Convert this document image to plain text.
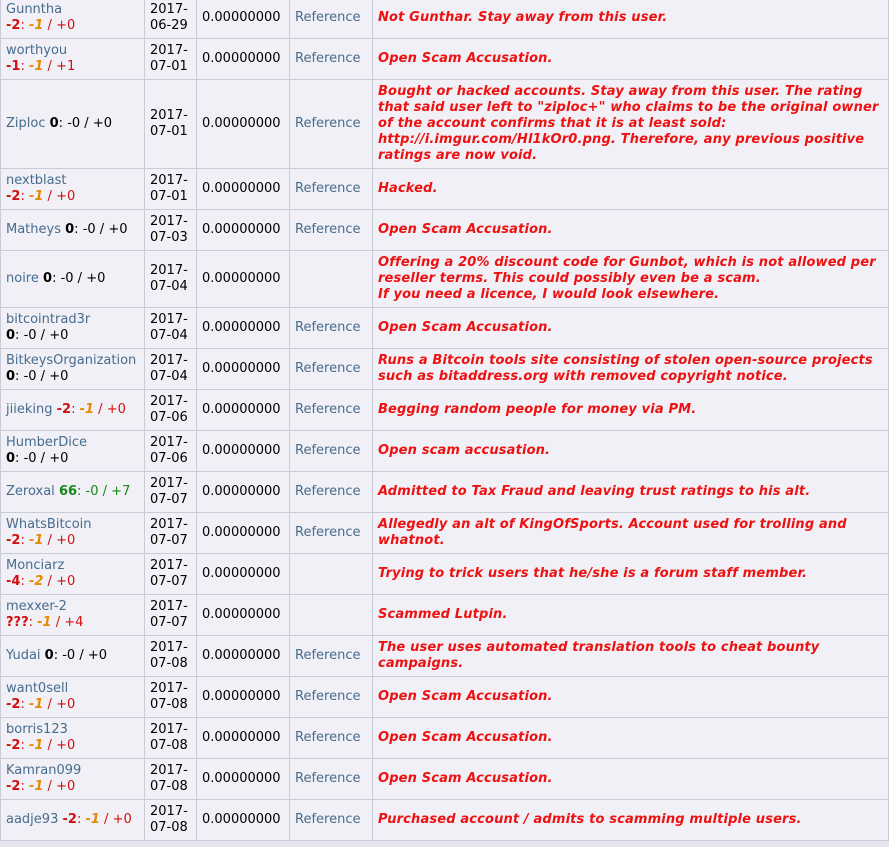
Gunntha
-2: -1 / +0	2017-
06-29	0.00000000	Reference	Not Gunthar. Stay away from this user.
worthyou
-1: -1 / +1	2017-
07-01	0.00000000	Reference	Open Scam Accusation.
Ziploc 0: -0 / +0	2017-
07-01	0.00000000	Reference	Bought or hacked accounts. Stay away from this user. The rating that said user left to "ziploc+" who claims to be the original owner of the account confirms that it is at least sold: http://i.imgur.com/Hl1kOr0.png. Therefore, any previous positive ratings are now void.
nextblast
-2: -1 / +0	2017-
07-01	0.00000000	Reference	Hacked.
Matheys 0: -0 / +0	2017-
07-03	0.00000000	Reference	Open Scam Accusation.
noire 0: -0 / +0	2017-
07-04	0.00000000		Offering a 20% discount code for Gunbot, which is not allowed per reseller terms. This could possibly even be a scam.
If you need a licence, I would look elsewhere.
bitcointrad3r
0: -0 / +0	2017-
07-04	0.00000000	Reference	Open Scam Accusation.
BitkeysOrganization
0: -0 / +0	2017-
07-04	0.00000000	Reference	Runs a Bitcoin tools site consisting of stolen open-source projects such as bitaddress.org with removed copyright notice.
jiieking -2: -1 / +0	2017-
07-06	0.00000000	Reference	Begging random people for money via PM.
HumberDice
0: -0 / +0	2017-
07-06	0.00000000	Reference	Open scam accusation.
Zeroxal 66: -0 / +7	2017-
07-07	0.00000000	Reference	Admitted to Tax Fraud and leaving trust ratings to his alt.
WhatsBitcoin
-2: -1 / +0	2017-
07-07	0.00000000	Reference	Allegedly an alt of KingOfSports. Account used for trolling and whatnot.
Monciarz
-4: -2 / +0	2017-
07-07	0.00000000		Trying to trick users that he/she is a forum staff member.
mexxer-2
???: -1 / +4	2017-
07-07	0.00000000		Scammed Lutpin.
Yudai 0: -0 / +0	2017-
07-08	0.00000000	Reference	The user uses automated translation tools to cheat bounty campaigns.
want0sell
-2: -1 / +0	2017-
07-08	0.00000000	Reference	Open Scam Accusation.
borris123
-2: -1 / +0	2017-
07-08	0.00000000	Reference	Open Scam Accusation.
Kamran099
-2: -1 / +0	2017-
07-08	0.00000000	Reference	Open Scam Accusation.
aadje93 -2: -1 / +0	2017-
07-08	0.00000000	Reference	Purchased account / admits to scamming multiple users.
